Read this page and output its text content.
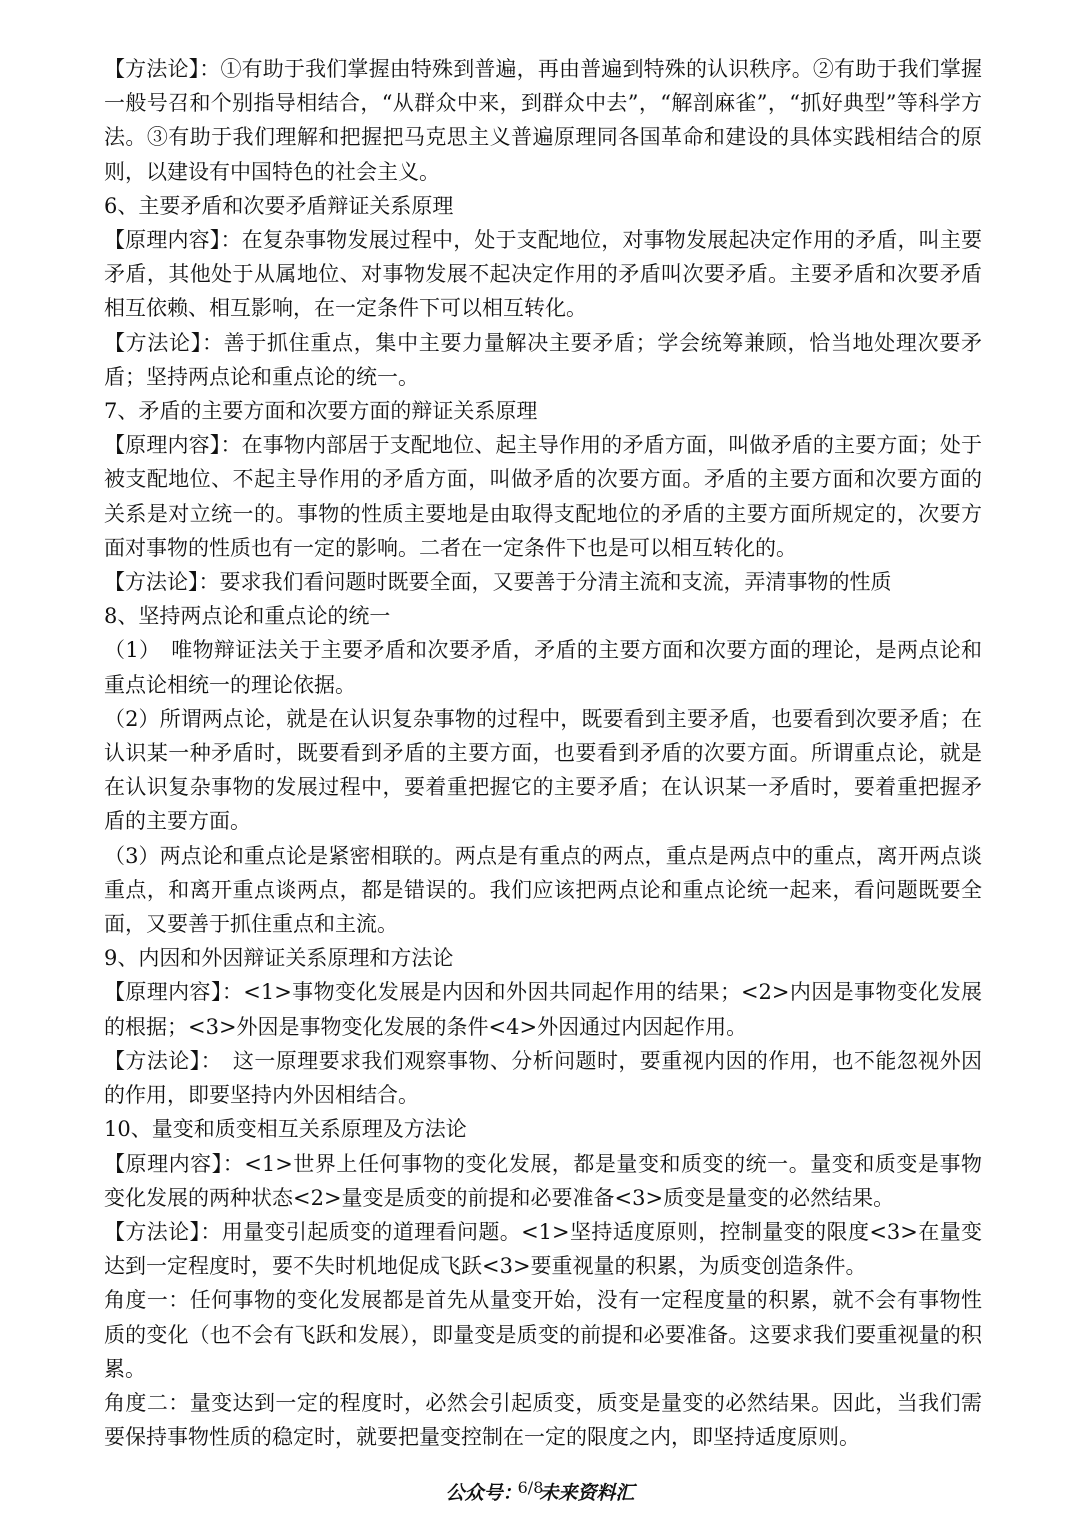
【方法论】：①有助于我们掌握由特殊到普遍，再由普遍到特殊的认识秩序。②有助于我们掌握一般号召和个别指导相结合，“从群众中来，到群众中去”，“解剖麻雀”，“抓好典型”等科学方法。③有助于我们理解和把握把马克思主义普遍原理同各国革命和建设的具体实践相结合的原则，以建设有中国特色的社会主义。
6、主要矛盾和次要矛盾辩证关系原理
【原理内容】：在复杂事物发展过程中，处于支配地位，对事物发展起决定作用的矛盾，叫主要矛盾，其他处于从属地位、对事物发展不起决定作用的矛盾叫次要矛盾。主要矛盾和次要矛盾相互依赖、相互影响，在一定条件下可以相互转化。
【方法论】：善于抓住重点，集中主要力量解决主要矛盾；学会统筹兼顾，恰当地处理次要矛盾；坚持两点论和重点论的统一。
7、矛盾的主要方面和次要方面的辩证关系原理
【原理内容】：在事物内部居于支配地位、起主导作用的矛盾方面，叫做矛盾的主要方面；处于被支配地位、不起主导作用的矛盾方面，叫做矛盾的次要方面。矛盾的主要方面和次要方面的关系是对立统一的。事物的性质主要地是由取得支配地位的矛盾的主要方面所规定的，次要方面对事物的性质也有一定的影响。二者在一定条件下也是可以相互转化的。
【方法论】：要求我们看问题时既要全面，又要善于分清主流和支流，弄清事物的性质
8、坚持两点论和重点论的统一
（1）　唯物辩证法关于主要矛盾和次要矛盾，矛盾的主要方面和次要方面的理论，是两点论和重点论相统一的理论依据。
（2）所谓两点论，就是在认识复杂事物的过程中，既要看到主要矛盾，也要看到次要矛盾；在认识某一种矛盾时，既要看到矛盾的主要方面，也要看到矛盾的次要方面。所谓重点论，就是在认识复杂事物的发展过程中，要着重把握它的主要矛盾；在认识某一矛盾时，要着重把握矛盾的主要方面。
（3）两点论和重点论是紧密相联的。两点是有重点的两点，重点是两点中的重点，离开两点谈重点，和离开重点谈两点，都是错误的。我们应该把两点论和重点论统一起来，看问题既要全面，又要善于抓住重点和主流。
9、内因和外因辩证关系原理和方法论
【原理内容】：<1>事物变化发展是内因和外因共同起作用的结果；<2>内因是事物变化发展的根据；<3>外因是事物变化发展的条件<4>外因通过内因起作用。
【方法论】：　这一原理要求我们观察事物、分析问题时，要重视内因的作用，也不能忽视外因的作用，即要坚持内外因相结合。
10、量变和质变相互关系原理及方法论
【原理内容】：<1>世界上任何事物的变化发展，都是量变和质变的统一。量变和质变是事物变化发展的两种状态<2>量变是质变的前提和必要准备<3>质变是量变的必然结果。
【方法论】：用量变引起质变的道理看问题。<1>坚持适度原则，控制量变的限度<3>在量变达到一定程度时，要不失时机地促成飞跃<3>要重视量的积累，为质变创造条件。
角度一：任何事物的变化发展都是首先从量变开始，没有一定程度量的积累，就不会有事物性质的变化（也不会有飞跃和发展），即量变是质变的前提和必要准备。这要求我们要重视量的积累。
角度二：量变达到一定的程度时，必然会引起质变，质变是量变的必然结果。因此，当我们需要保持事物性质的稳定时，就要把量变控制在一定的限度之内，即坚持适度原则。
公众号：$^{6/8}$未来资料汇
